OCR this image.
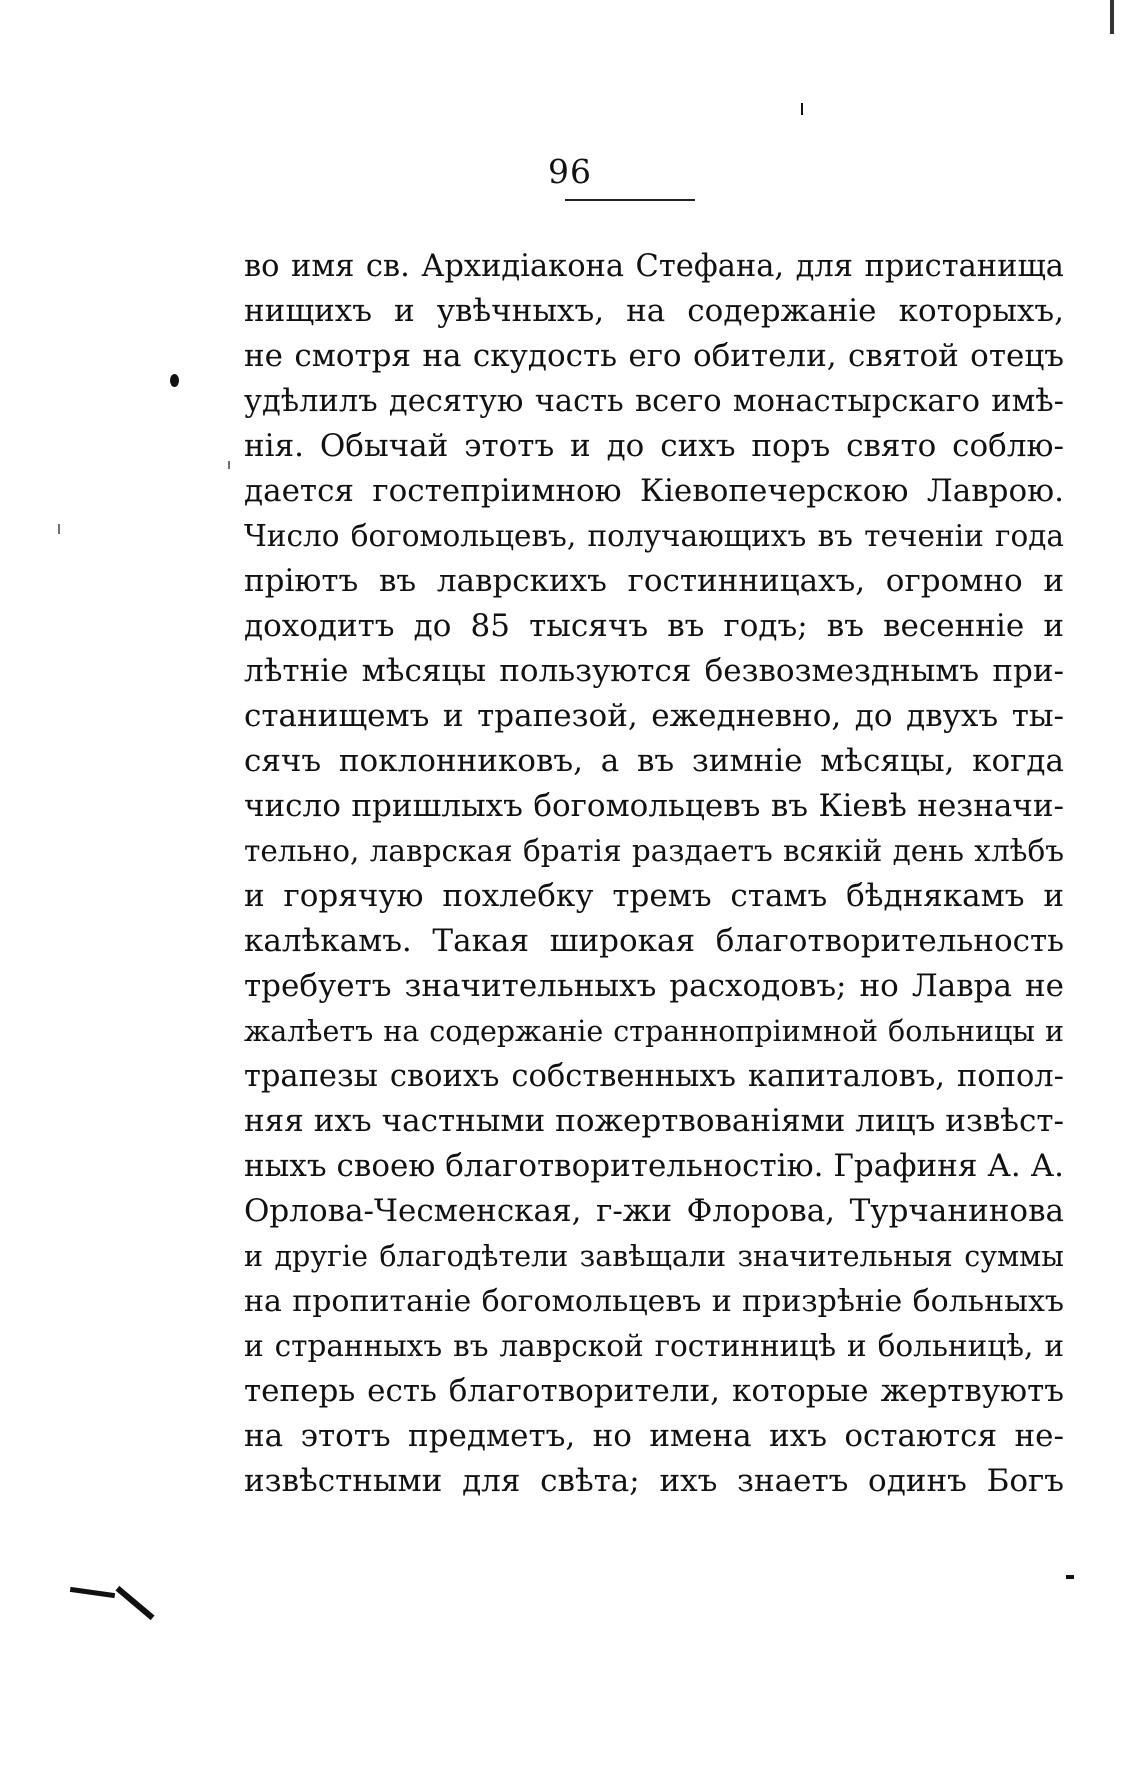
96
во имя св. Архидіакона Стефана, для пристанища
нищихъ и увѣчныхъ, на содержаніе которыхъ,
не смотря на скудость его обители, святой отецъ
удѣлилъ десятую часть всего монастырскаго имѣ-
нія. Обычай этотъ и до сихъ поръ свято соблю-
дается гостепріимною Кіевопечерскою Лаврою.
Число богомольцевъ, получающихъ въ теченіи года
пріютъ въ лаврскихъ гостинницахъ, огромно и
доходитъ до 85 тысячъ въ годъ; въ весенніе и
лѣтніе мѣсяцы пользуются безвозмезднымъ при-
станищемъ и трапезой, ежедневно, до двухъ ты-
сячъ поклонниковъ, а въ зимніе мѣсяцы, когда
число пришлыхъ богомольцевъ въ Кіевѣ незначи-
тельно, лаврская братія раздаетъ всякій день хлѣбъ
и горячую похлебку тремъ стамъ бѣднякамъ и
калѣкамъ. Такая широкая благотворительность
требуетъ значительныхъ расходовъ; но Лавра не
жалѣетъ на содержаніе страннопріимной больницы и
трапезы своихъ собственныхъ капиталовъ, попол-
няя ихъ частными пожертвованіями лицъ извѣст-
ныхъ своею благотворительностію. Графиня А. А.
Орлова-Чесменская, г-жи Флорова, Турчанинова
и другіе благодѣтели завѣщали значительныя суммы
на пропитаніе богомольцевъ и призрѣніе больныхъ
и странныхъ въ лаврской гостинницѣ и больницѣ, и
теперь есть благотворители, которые жертвуютъ
на этотъ предметъ, но имена ихъ остаются не-
извѣстными для свѣта; ихъ знаетъ одинъ Богъ
